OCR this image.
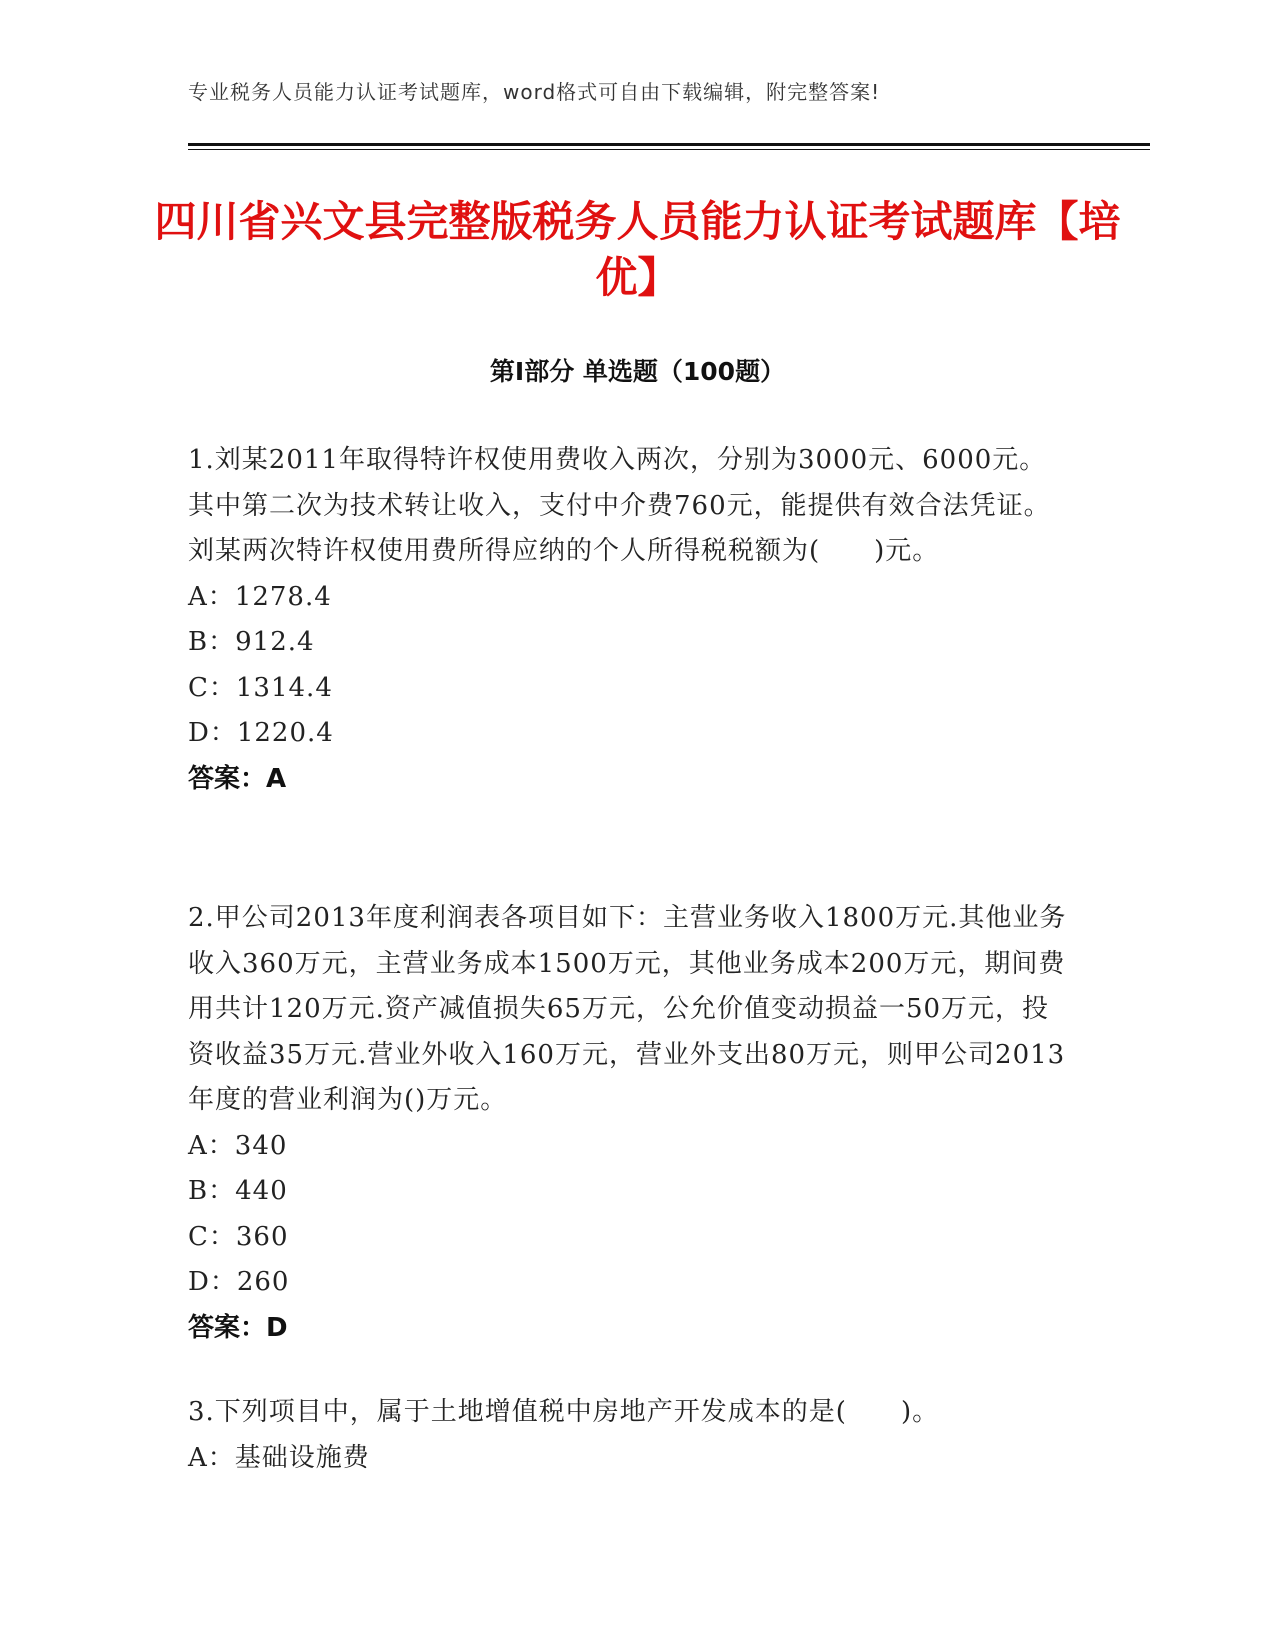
专业税务人员能力认证考试题库，word格式可自由下载编辑，附完整答案!
四川省兴文县完整版税务人员能力认证考试题库【培优】
第Ⅰ部分 单选题（100题）

1.刘某2011年取得特许权使用费收入两次，分别为3000元、6000元。其中第二次为技术转让收入，支付中介费760元，能提供有效合法凭证。刘某两次特许权使用费所得应纳的个人所得税税额为(　　)元。

A：1278.4

B：912.4

C：1314.4

D：1220.4

答案：A

2.甲公司2013年度利润表各项目如下：主营业务收入1800万元.其他业务收入360万元，主营业务成本1500万元，其他业务成本200万元，期间费用共计120万元.资产减值损失65万元，公允价值变动损益一50万元，投资收益35万元.营业外收入160万元，营业外支出80万元，则甲公司2013年度的营业利润为()万元。

A：340

B：440

C：360

D：260

答案：D

3.下列项目中，属于土地增值税中房地产开发成本的是(　　)。

A：基础设施费
